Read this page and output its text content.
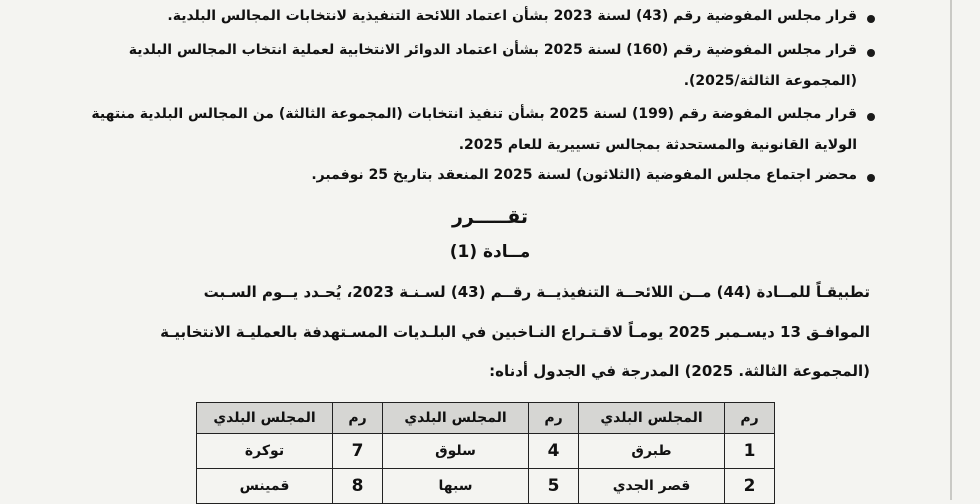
قرار مجلس المفوضية رقم (43) لسنة 2023 بشأن اعتماد اللائحة التنفيذية لانتخابات المجالس البلدية.
قرار مجلس المفوضية رقم (160) لسنة 2025 بشأن اعتماد الدوائر الانتخابية لعملية انتخاب المجالس البلدية
(المجموعة الثالثة/2025).
قرار مجلس المفوضة رقم (199) لسنة 2025 بشأن تنفيذ انتخابات (المجموعة الثالثة) من المجالس البلدية منتهية
الولاية القانونية والمستحدثة بمجالس تسييرية للعام 2025.
محضر اجتماع مجلس المفوضية (الثلاثون) لسنة 2025 المنعقد بتاريخ 25 نوفمبر.
تقـــــرر
مــادة (1)
تطبيقـاً للمــادة (44) مــن اللائحــة التنفيذيــة رقــم (43) لسـنـة 2023، يُحـدد يــوم السـبت
الموافـق 13 ديسـمبر 2025 يومـاً لاقـتـراع النـاخبين في البلـديات المسـتهدفة بالعمليـة الانتخابيـة
(المجموعة الثالثة. 2025) المدرجة في الجدول أدناه:
رم	المجلس البلدي	رم	المجلس البلدي	رم	المجلس البلدي
1	طبرق	4	سلوق	7	توكرة
2	قصر الجدي	5	سبها	8	قمينس
